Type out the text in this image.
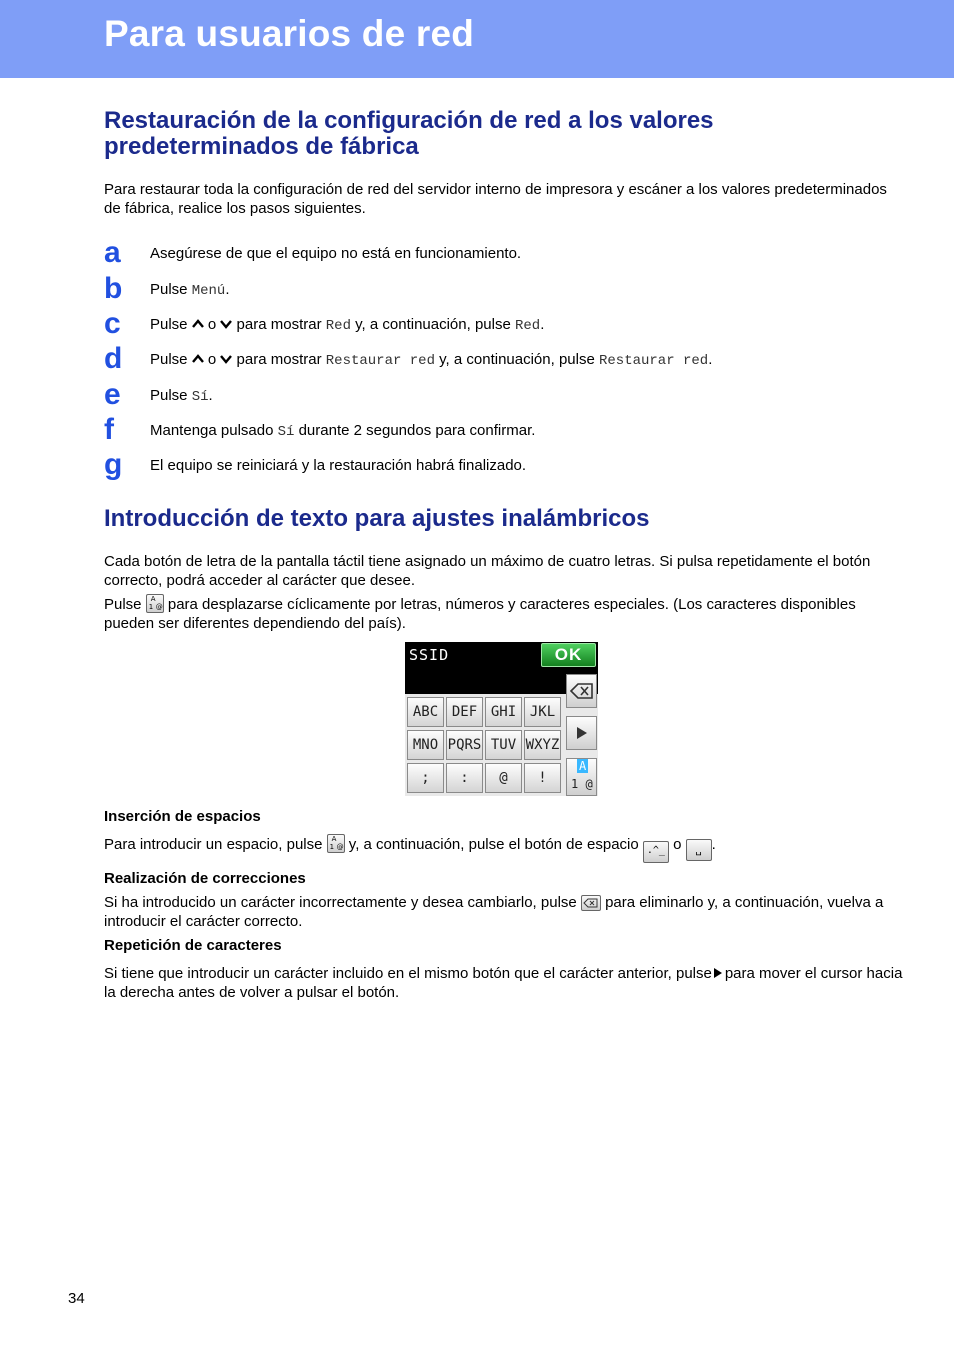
Para usuarios de red
Restauración de la configuración de red a los valores predeterminados de fábrica

Para restaurar toda la configuración de red del servidor interno de impresora y escáner a los valores predeterminados de fábrica, realice los pasos siguientes.

a	Asegúrese de que el equipo no está en funcionamiento.
b	Pulse Menú.
c	Pulse  o  para mostrar Red y, a continuación, pulse Red.
d	Pulse  o  para mostrar Restaurar red y, a continuación, pulse Restaurar red.
e	Pulse Sí.
f	Mantenga pulsado Sí durante 2 segundos para confirmar.
g	El equipo se reiniciará y la restauración habrá finalizado.
Introducción de texto para ajustes inalámbricos

Cada botón de letra de la pantalla táctil tiene asignado un máximo de cuatro letras. Si pulsa repetidamente el botón correcto, podrá acceder al carácter que desee.

Pulse A
1 @ para desplazarse cíclicamente por letras, números y caracteres especiales. (Los caracteres disponibles pueden ser diferentes dependiendo del país).

SSID	OK
ABC DEF GHI JKL
MNO PQRS TUV WXYZ
;	:	@	!
A
1 @
Inserción de espacios

Para introducir un espacio, pulse A
1 @ y, a continuación, pulse el botón de espacio .^_ o ␣ .

Realización de correcciones

Si ha introducido un carácter incorrectamente y desea cambiarlo, pulse  para eliminarlo y, a continuación, vuelva a introducir el carácter correcto.

Repetición de caracteres

Si tiene que introducir un carácter incluido en el mismo botón que el carácter anterior, pulse para mover el cursor hacia la derecha antes de volver a pulsar el botón.

34
